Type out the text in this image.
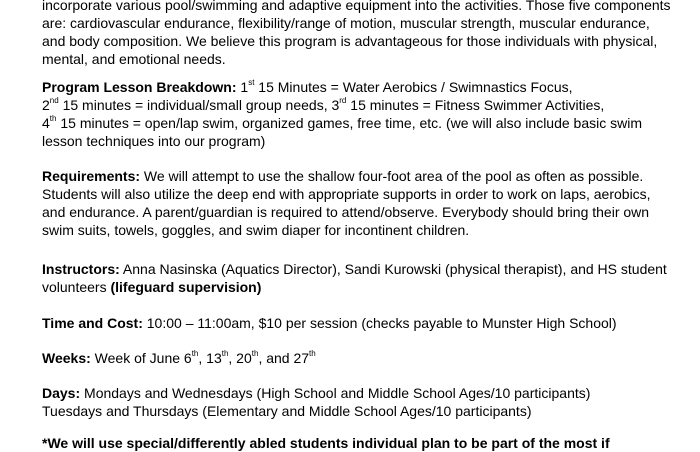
incorporate various pool/swimming and adaptive equipment into the activities. Those five components
are: cardiovascular endurance, flexibility/range of motion, muscular strength, muscular endurance,
and body composition. We believe this program is advantageous for those individuals with physical,
mental, and emotional needs.
Program Lesson Breakdown: 1st 15 Minutes = Water Aerobics / Swimnastics Focus,
2nd 15 minutes = individual/small group needs, 3rd 15 minutes = Fitness Swimmer Activities,
4th 15 minutes = open/lap swim, organized games, free time, etc. (we will also include basic swim
lesson techniques into our program)
Requirements: We will attempt to use the shallow four-foot area of the pool as often as possible.
Students will also utilize the deep end with appropriate supports in order to work on laps, aerobics,
and endurance. A parent/guardian is required to attend/observe. Everybody should bring their own
swim suits, towels, goggles, and swim diaper for incontinent children.
Instructors: Anna Nasinska (Aquatics Director), Sandi Kurowski (physical therapist), and HS student
volunteers (lifeguard supervision)
Time and Cost: 10:00 – 11:00am, $10 per session (checks payable to Munster High School)
Weeks: Week of June 6th, 13th, 20th, and 27th
Days: Mondays and Wednesdays (High School and Middle School Ages/10 participants)
Tuesdays and Thursdays (Elementary and Middle School Ages/10 participants)
*We will use special/differently abled students individual plan to be part of the most if
